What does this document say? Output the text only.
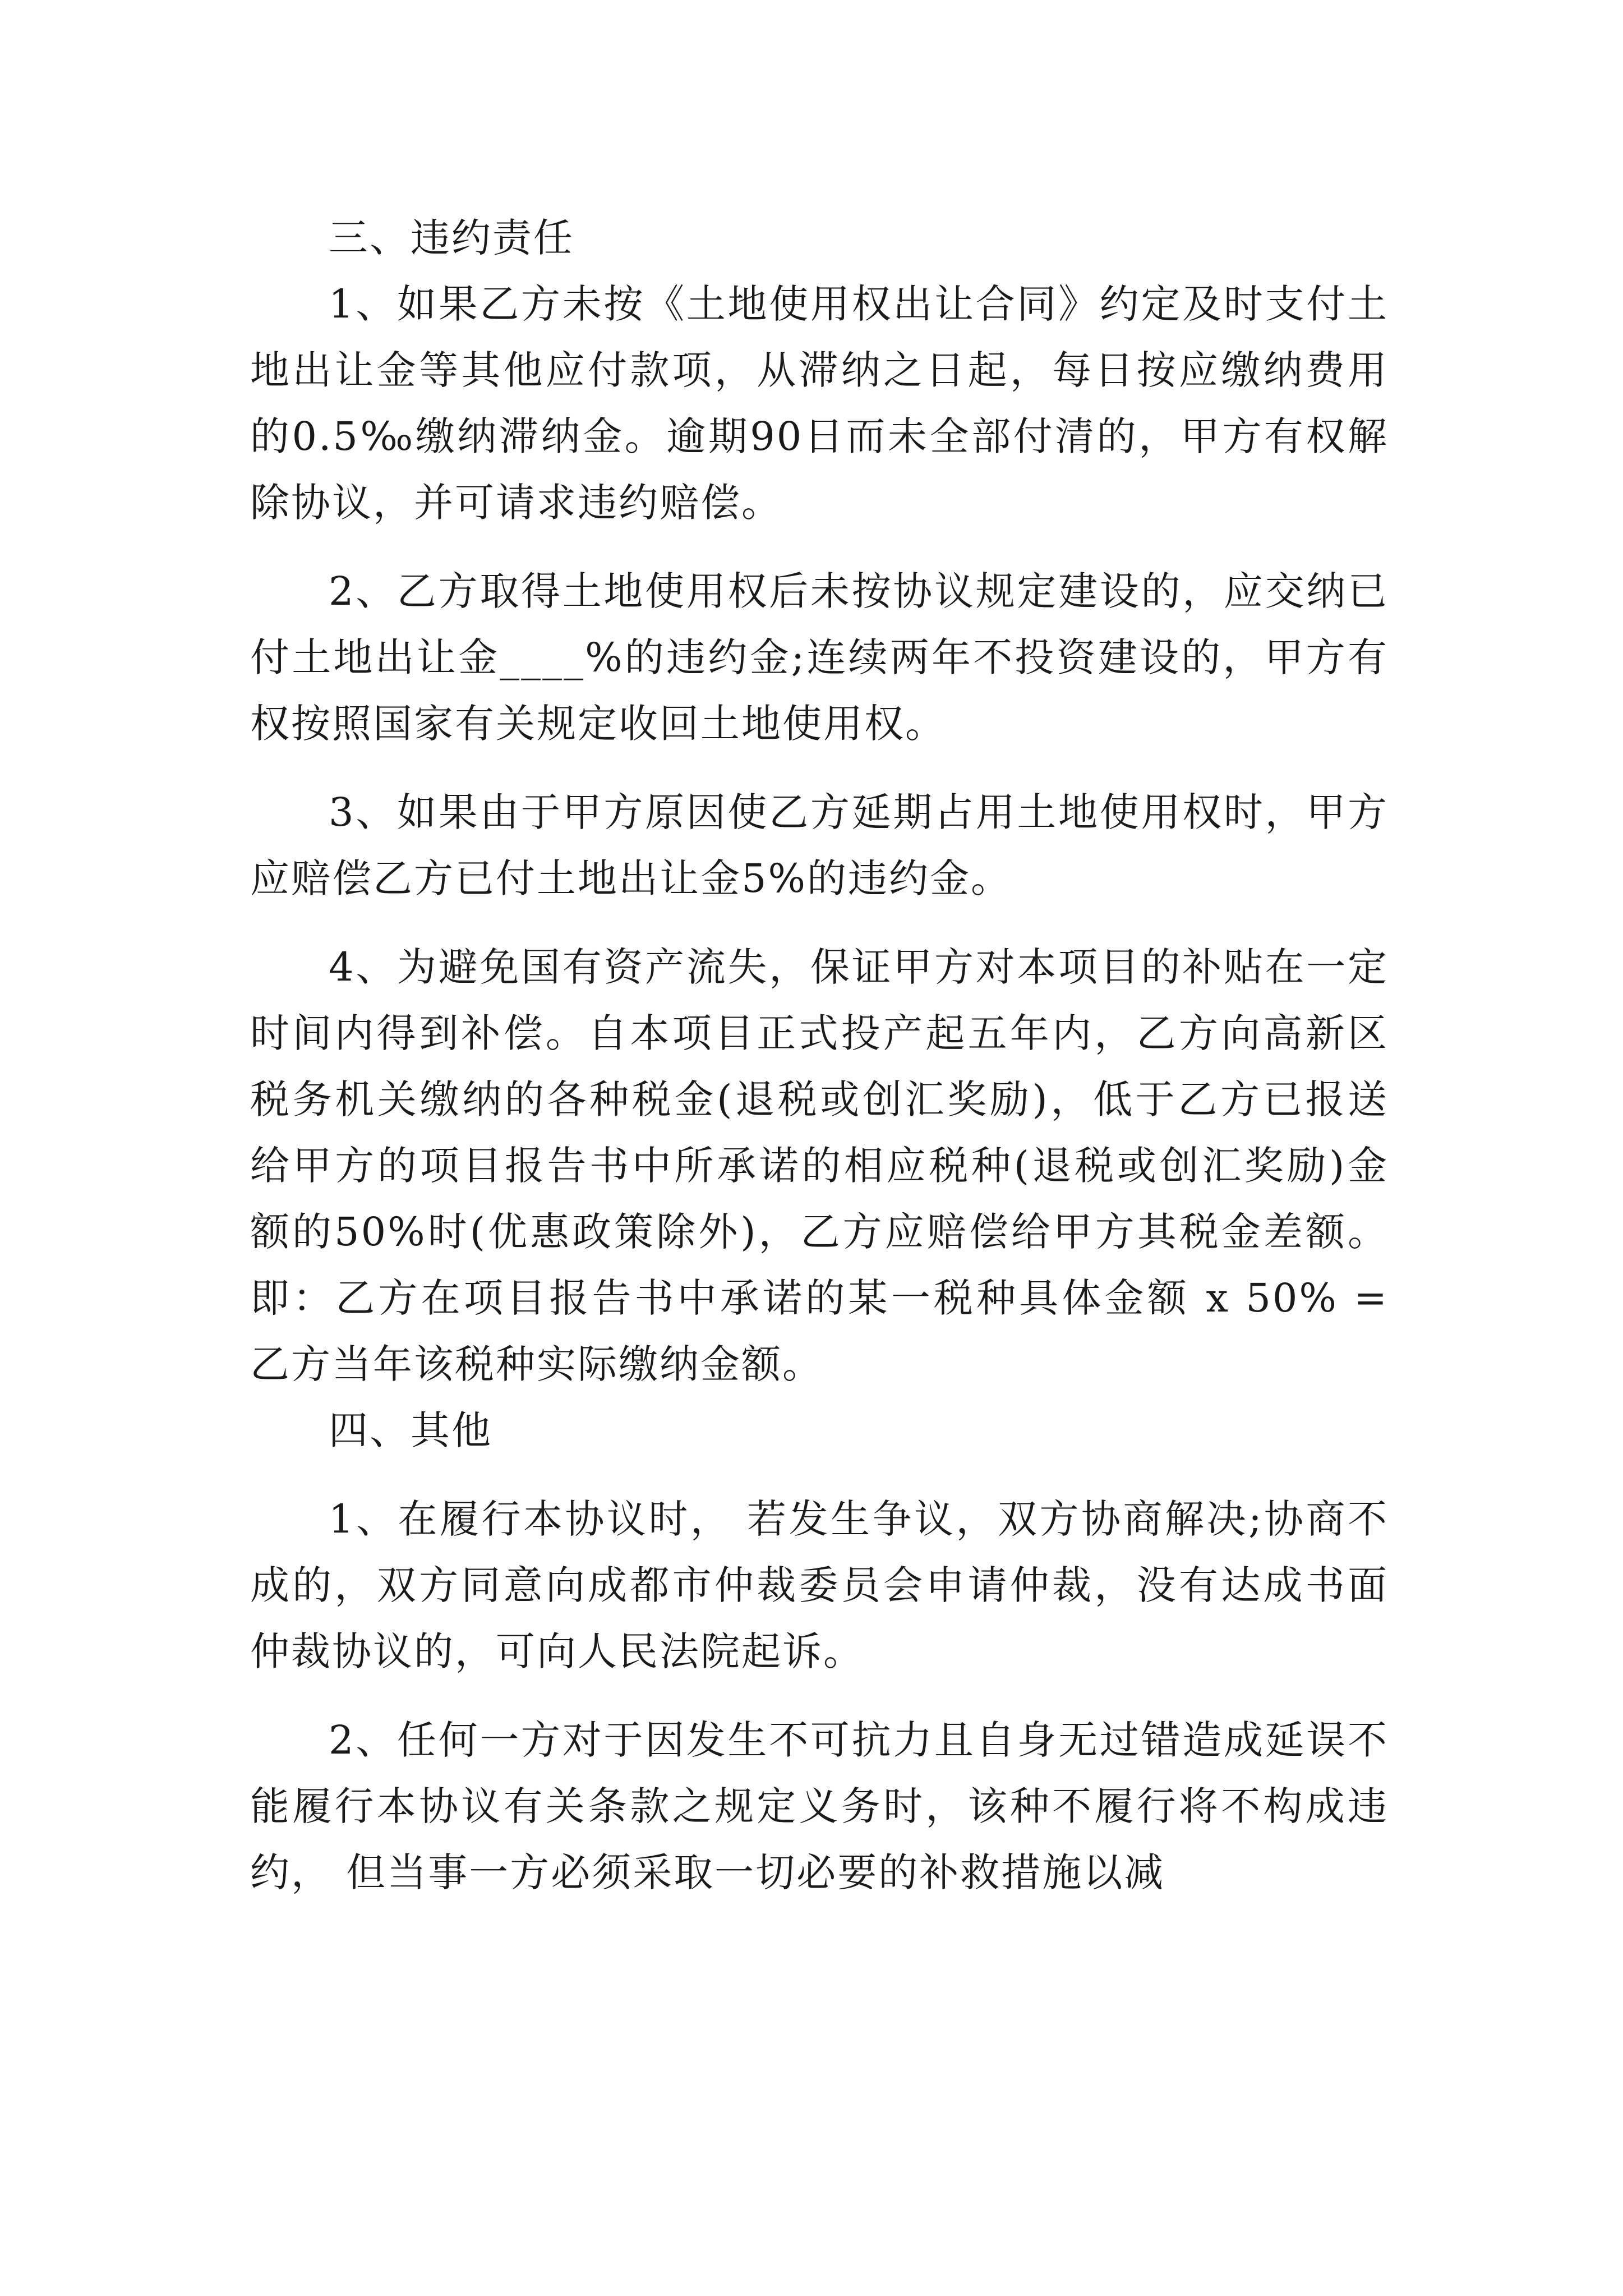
三、违约责任

1、如果乙方未按《土地使用权出让合同》约定及时支付土地出让金等其他应付款项，从滞纳之日起，每日按应缴纳费用的0.5‰缴纳滞纳金。逾期90日而未全部付清的，甲方有权解除协议，并可请求违约赔偿。

2、乙方取得土地使用权后未按协议规定建设的，应交纳已付土地出让金____%的违约金;连续两年不投资建设的，甲方有权按照国家有关规定收回土地使用权。

3、如果由于甲方原因使乙方延期占用土地使用权时，甲方应赔偿乙方已付土地出让金5%的违约金。

4、为避免国有资产流失，保证甲方对本项目的补贴在一定时间内得到补偿。自本项目正式投产起五年内，乙方向高新区税务机关缴纳的各种税金(退税或创汇奖励)，低于乙方已报送给甲方的项目报告书中所承诺的相应税种(退税或创汇奖励)金额的50%时(优惠政策除外)，乙方应赔偿给甲方其税金差额。即：乙方在项目报告书中承诺的某一税种具体金额 x 50% = 乙方当年该税种实际缴纳金额。

四、其他

1、在履行本协议时， 若发生争议，双方协商解决;协商不成的，双方同意向成都市仲裁委员会申请仲裁，没有达成书面仲裁协议的，可向人民法院起诉。

2、任何一方对于因发生不可抗力且自身无过错造成延误不能履行本协议有关条款之规定义务时，该种不履行将不构成违约， 但当事一方必须采取一切必要的补救措施以减
